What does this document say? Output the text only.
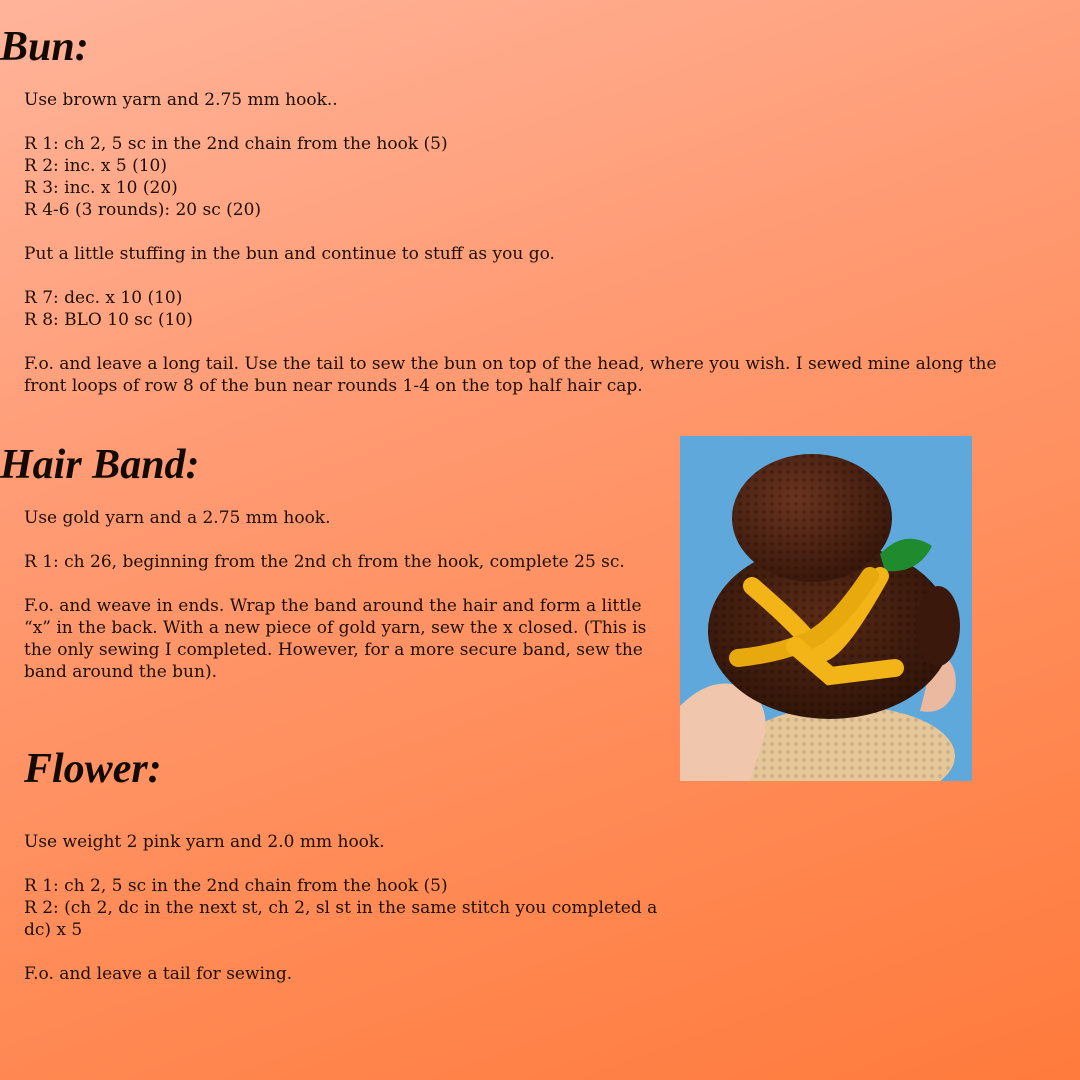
Bun:

Use brown yarn and 2.75 mm hook..

R 1: ch 2, 5 sc in the 2nd chain from the hook (5)

R 2: inc. x 5 (10)

R 3: inc. x 10 (20)

R 4-6 (3 rounds): 20 sc (20)

Put a little stuffing in the bun and continue to stuff as you go.

R 7: dec. x 10 (10)

R 8: BLO 10 sc (10)

F.o. and leave a long tail. Use the tail to sew the bun on top of the head, where you wish. I sewed mine along the front loops of row 8 of the bun near rounds 1-4 on the top half hair cap.

Hair Band:

Use gold yarn and a 2.75 mm hook.

R 1: ch 26, beginning from the 2nd ch from the hook, complete 25 sc.

F.o. and weave in ends. Wrap the band around the hair and form a little “x” in the back. With a new piece of gold yarn, sew the x closed. (This is the only sewing I completed. However, for a more secure band, sew the band around the bun).

Flower:

Use weight 2 pink yarn and 2.0 mm hook.

R 1: ch 2, 5 sc in the 2nd chain from the hook (5)

R 2: (ch 2, dc in the next st, ch 2, sl st in the same stitch you completed a dc) x 5

F.o. and leave a tail for sewing.
